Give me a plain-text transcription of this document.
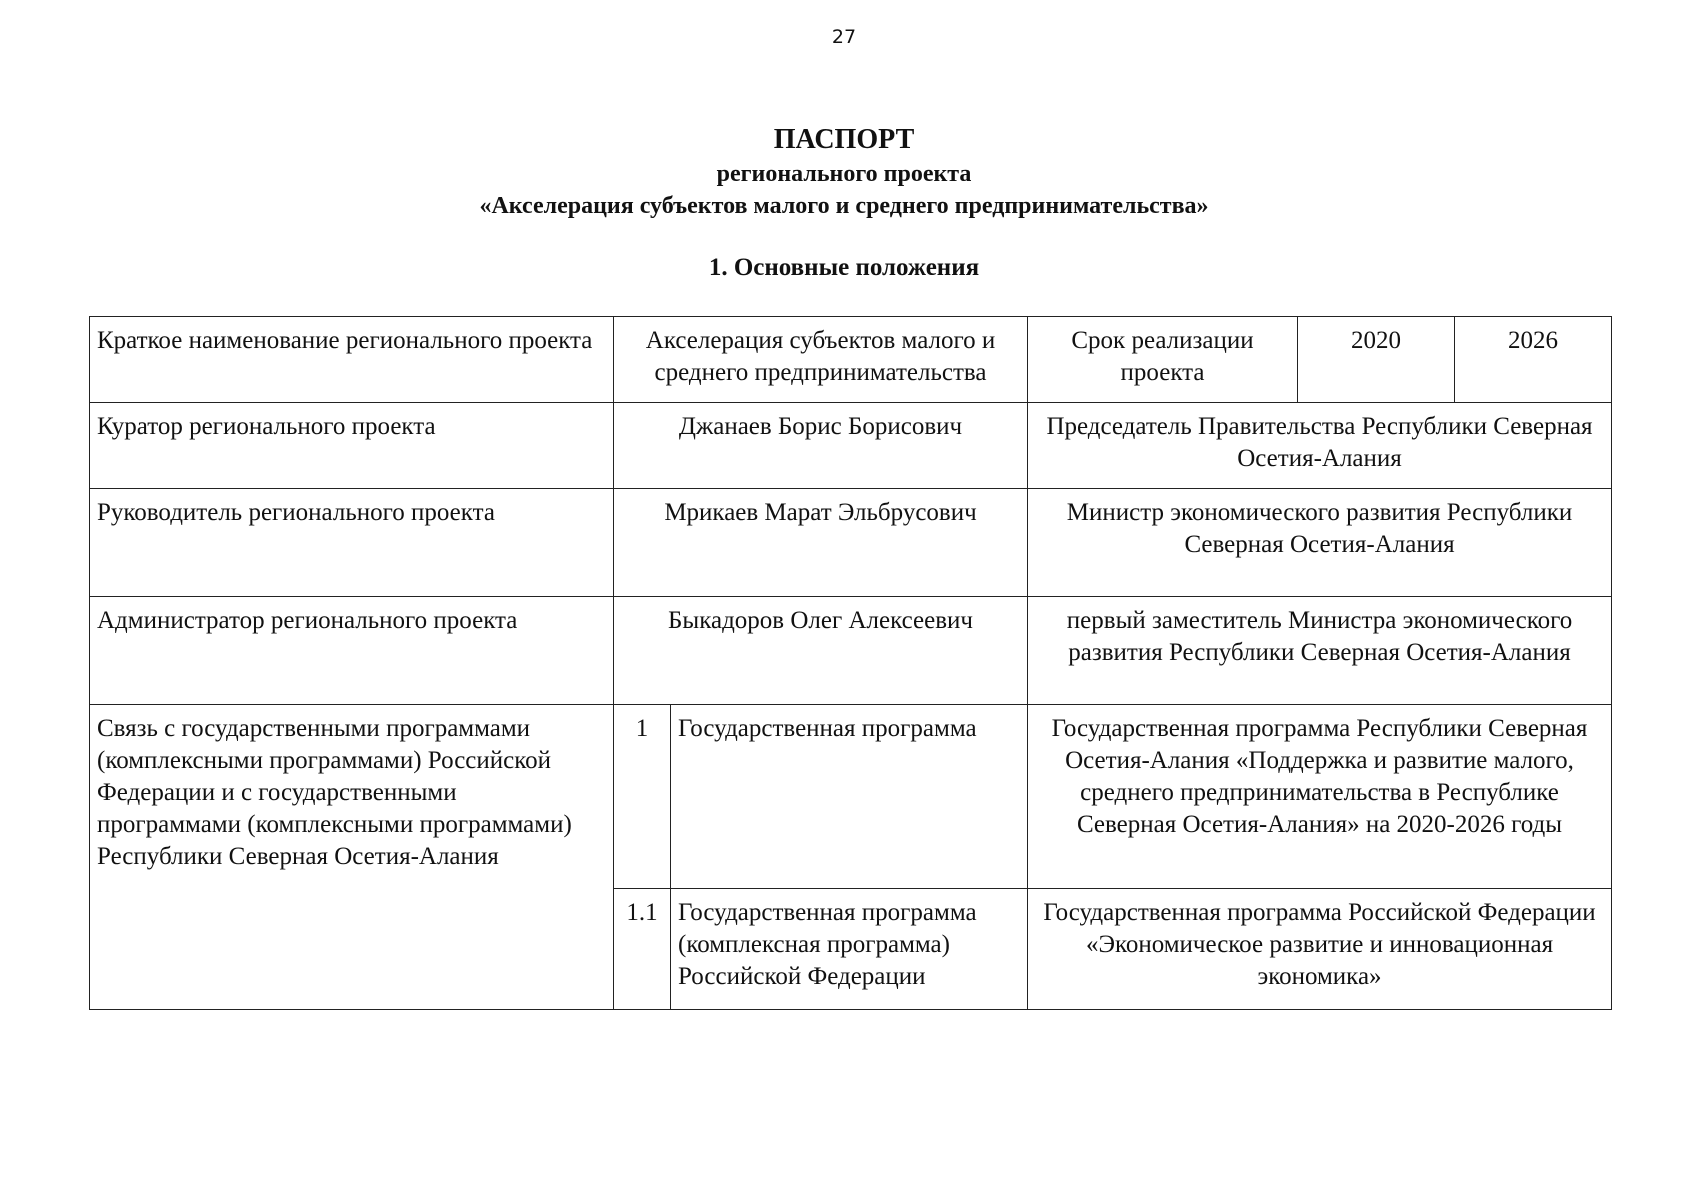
27
ПАСПОРТ
регионального проекта
«Акселерация субъектов малого и среднего предпринимательства»
1. Основные положения
Краткое наименование регионального проекта	Акселерация субъектов малого и среднего предпринимательства		Срок реализации проекта	2020	2026
Куратор регионального проекта	Джанаев Борис Борисович		Председатель Правительства Республики Северная Осетия-Алания		
Руководитель регионального проекта	Мрикаев Марат Эльбрусович		Министр экономического развития Республики Северная Осетия-Алания		
Администратор регионального проекта	Быкадоров Олег Алексеевич		первый заместитель Министра экономического развития Республики Северная Осетия-Алания		
Связь с государственными программами (комплексными программами) Российской Федерации и с государственными программами (комплексными программами) Республики Северная Осетия-Алания	1	Государственная программа	Государственная программа Республики Северная Осетия-Алания «Поддержка и развитие малого, среднего предпринимательства в Республике Северная Осетия-Алания» на 2020-2026 годы		
	1.1	Государственная программа (комплексная программа) Российской Федерации	Государственная программа Российской Федерации «Экономическое развитие и инновационная экономика»		
